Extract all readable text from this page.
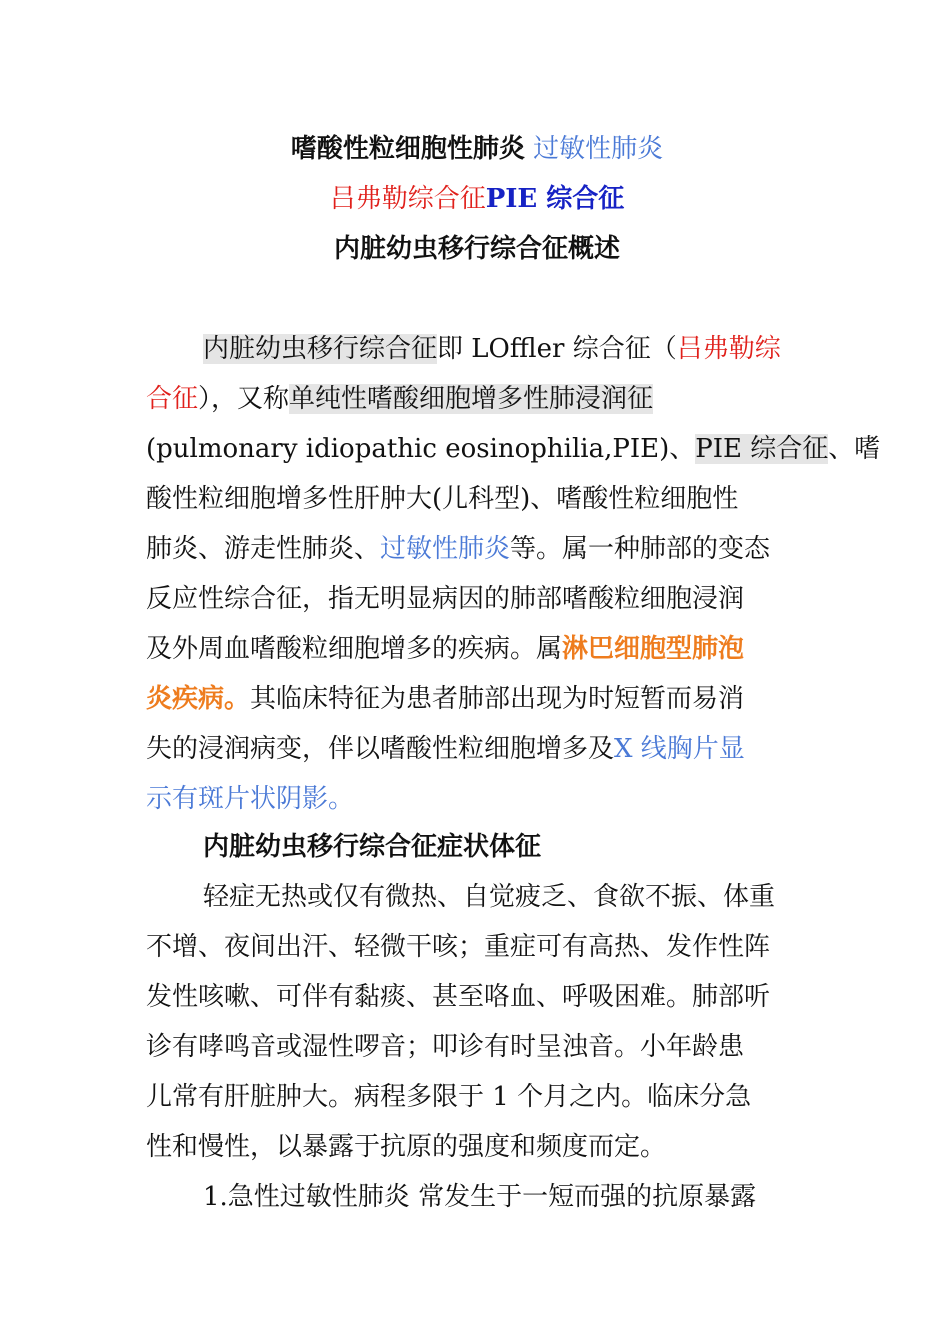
嗜酸性粒细胞性肺炎 过敏性肺炎
吕弗勒综合征PIE 综合征
内脏幼虫移行综合征概述
内脏幼虫移行综合征即 LOffler 综合征（吕弗勒综
合征），又称单纯性嗜酸细胞增多性肺浸润征
(pulmonary idiopathic eosinophilia,PIE)、PIE 综合征、嗜
酸性粒细胞增多性肝肿大(儿科型)、嗜酸性粒细胞性
肺炎、游走性肺炎、过敏性肺炎等。属一种肺部的变态
反应性综合征，指无明显病因的肺部嗜酸粒细胞浸润
及外周血嗜酸粒细胞增多的疾病。属淋巴细胞型肺泡
炎疾病。其临床特征为患者肺部出现为时短暂而易消
失的浸润病变，伴以嗜酸性粒细胞增多及X 线胸片显
示有斑片状阴影。
内脏幼虫移行综合征症状体征
轻症无热或仅有微热、自觉疲乏、食欲不振、体重
不增、夜间出汗、轻微干咳；重症可有高热、发作性阵
发性咳嗽、可伴有黏痰、甚至咯血、呼吸困难。肺部听
诊有哮鸣音或湿性啰音；叩诊有时呈浊音。小年龄患
儿常有肝脏肿大。病程多限于 1 个月之内。临床分急
性和慢性，以暴露于抗原的强度和频度而定。
1.急性过敏性肺炎 常发生于一短而强的抗原暴露
